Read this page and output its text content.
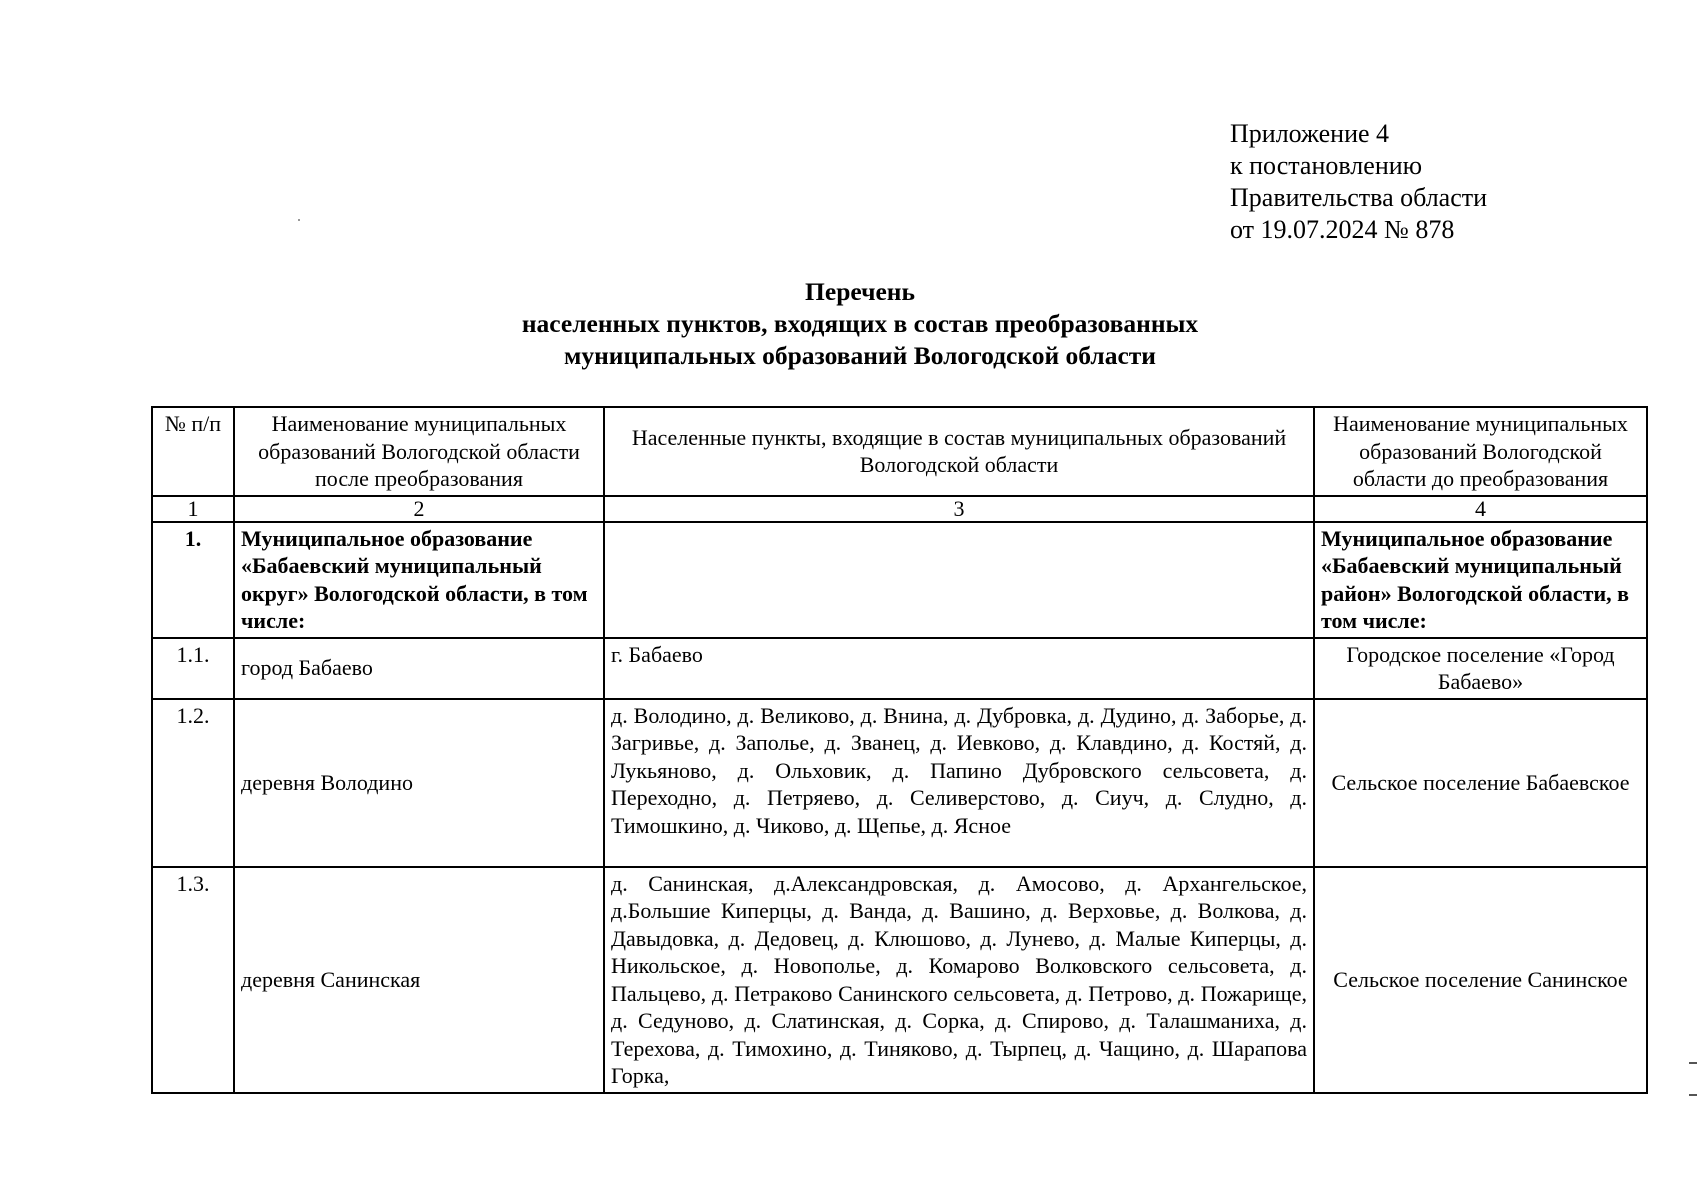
Приложение 4
к постановлению
Правительства области
от 19.07.2024 № 878
Перечень
населенных пунктов, входящих в состав преобразованных
муниципальных образований Вологодской области
№ п/п	Наименование муниципальных образований Вологодской области после преобразования	Населенные пункты, входящие в состав муниципальных образований Вологодской области	Наименование муниципальных образований Вологодской области до преобразования
1	2	3	4
1.	Муниципальное образование «Бабаевский муниципальный округ» Вологодской области, в том числе:		Муниципальное образование «Бабаевский муниципальный район» Вологодской области, в том числе:
1.1.	город Бабаево	г. Бабаево	Городское поселение «Город Бабаево»
1.2.	деревня Володино	д. Володино, д. Великово, д. Внина, д. Дубровка, д. Дудино, д. Заборье, д. Загривье, д. Заполье, д. Званец, д. Иевково, д. Клавдино, д. Костяй, д. Лукьяново, д. Ольховик, д. Папино Дубровского сельсовета, д. Переходно, д. Петряево, д. Селиверстово, д. Сиуч, д. Слудно, д. Тимошкино, д. Чиково, д. Щепье, д. Ясное	Сельское поселение Бабаевское
1.3.	деревня Санинская	д. Санинская, д.Александровская, д. Амосово, д. Архангельское, д.Большие Киперцы, д. Ванда, д. Вашино, д. Верховье, д. Волкова, д. Давыдовка, д. Дедовец, д. Клюшово, д. Лунево, д. Малые Киперцы, д. Никольское, д. Новополье, д. Комарово Волковского сельсовета, д. Пальцево, д. Петраково Санинского сельсовета, д. Петрово, д. Пожарище, д. Седуново, д. Слатинская, д. Сорка, д. Спирово, д. Талашманиха, д. Терехова, д. Тимохино, д. Тиняково, д. Тырпец, д. Чащино, д. Шарапова Горка,	Сельское поселение Санинское
